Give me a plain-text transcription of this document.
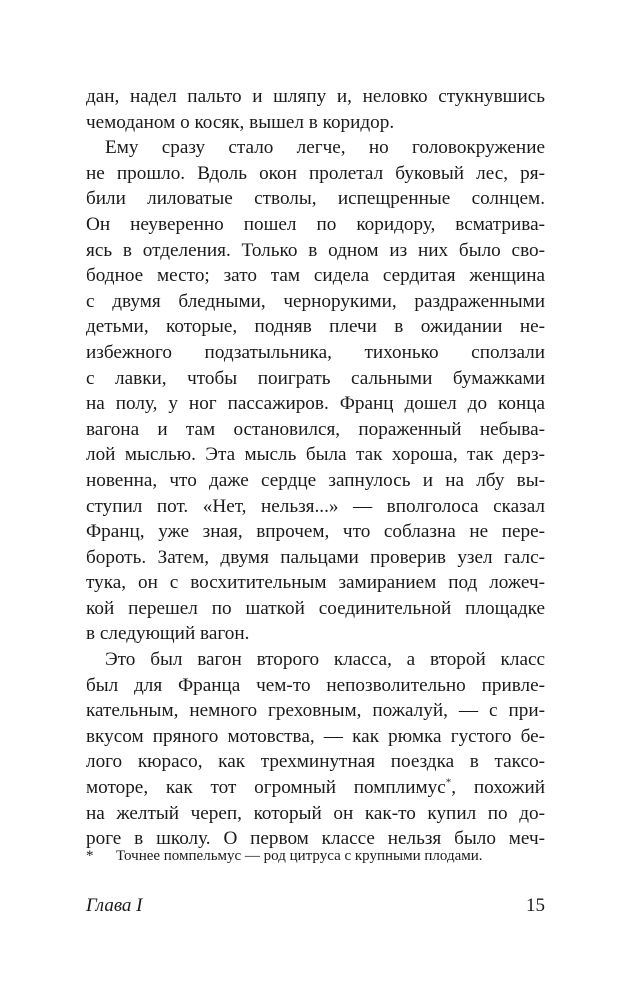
дан, надел пальто и шляпу и, неловко стукнувшись
чемоданом о косяк, вышел в коридор.
Ему сразу стало легче, но головокружение
не прошло. Вдоль окон пролетал буковый лес, ря-
били лиловатые стволы, испещренные солнцем.
Он неуверенно пошел по коридору, всматрива-
ясь в отделения. Только в одном из них было сво-
бодное место; зато там сидела сердитая женщина
с двумя бледными, чернорукими, раздраженными
детьми, которые, подняв плечи в ожидании не-
избежного подзатыльника, тихонько сползали
с лавки, чтобы поиграть сальными бумажками
на полу, у ног пассажиров. Франц дошел до конца
вагона и там остановился, пораженный небыва-
лой мыслью. Эта мысль была так хороша, так дерз-
новенна, что даже сердце запнулось и на лбу вы-
ступил пот. «Нет, нельзя...» — вполголоса сказал
Франц, уже зная, впрочем, что соблазна не пере-
бороть. Затем, двумя пальцами проверив узел галс-
тука, он с восхитительным замиранием под ложеч-
кой перешел по шаткой соединительной площадке
в следующий вагон.
Это был вагон второго класса, а второй класс
был для Франца чем-то непозволительно привле-
кательным, немного греховным, пожалуй, — с при-
вкусом пряного мотовства, — как рюмка густого бе-
лого кюрасо, как трехминутная поездка в таксо-
моторе, как тот огромный помплимус*, похожий
на желтый череп, который он как-то купил по до-
роге в школу. О первом классе нельзя было меч-
* Точнее помпельмус — род цитруса с крупными плодами.
Глава I	15
